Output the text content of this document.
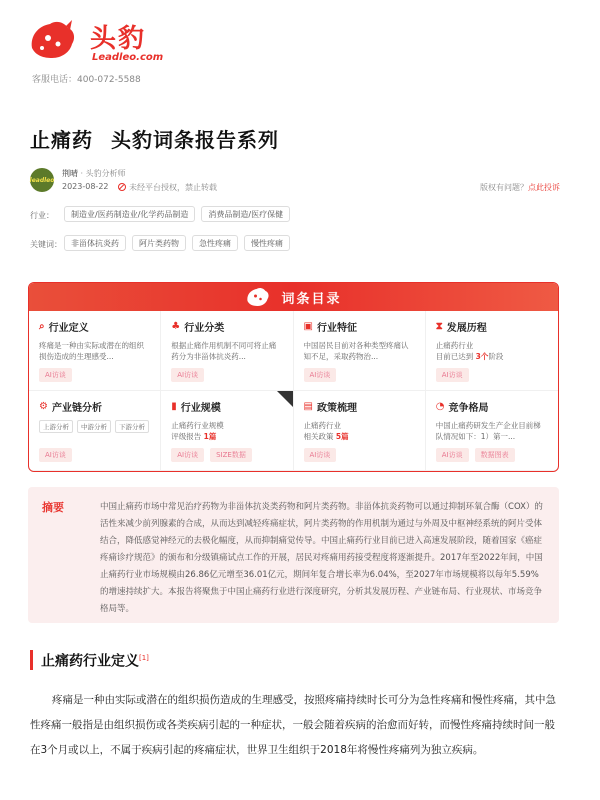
头豹
Leadleo.com
客服电话：400-072-5588
止痛药 头豹词条报告系列
leadleo
荆晴 · 头豹分析师
2023-08-22	未经平台授权，禁止转载	版权有问题？点此投诉
行业：	制造业/医药制造业/化学药品制造	消费品制造/医疗保健
关键词：	非甾体抗炎药	阿片类药物	急性疼痛	慢性疼痛
词条目录
⌕ 行业定义

疼痛是一种由实际或潜在的组织损伤造成的生理感受...

AI访谈
♣ 行业分类

根据止痛作用机制不同可将止痛药分为非甾体抗炎药...

AI访谈
▣ 行业特征

中国居民目前对各种类型疼痛认知不足，采取药物治...

AI访谈
⧗ 发展历程

止痛药行业
目前已达到 3个阶段

AI访谈
⚙ 产业链分析
上游分析	中游分析	下游分析
AI访谈
▮ 行业规模

止痛药行业规模
评级报告 1篇

AI访谈	SIZE数据
▤ 政策梳理

止痛药行业
相关政策 5篇

AI访谈
◔ 竞争格局

中国止痛药研发生产企业目前梯队情况如下：1）第一...

AI访谈	数据图表
摘要	中国止痛药市场中常见治疗药物为非甾体抗炎类药物和阿片类药物。非甾体抗炎药物可以通过抑制环氧合酶（COX）的活性来减少前列腺素的合成，从而达到减轻疼痛症状，阿片类药物的作用机制为通过与外周及中枢神经系统的阿片受体结合，降低感觉神经元的去极化幅度，从而抑制痛觉传导。中国止痛药行业目前已进入高速发展阶段，随着国家《癌症疼痛诊疗规范》的颁布和分级镇痛试点工作的开展，居民对疼痛用药接受程度将逐渐提升。2017年至2022年间，中国止痛药行业市场规模由26.86亿元增至36.01亿元，期间年复合增长率为6.04%，至2027年市场规模将以每年5.59%的增速持续扩大。本报告将聚焦于中国止痛药行业进行深度研究，分析其发展历程、产业链布局、行业现状、市场竞争格局等。
止痛药行业定义[1]
疼痛是一种由实际或潜在的组织损伤造成的生理感受，按照疼痛持续时长可分为急性疼痛和慢性疼痛，其中急性疼痛一般指是由组织损伤或各类疾病引起的一种症状，一般会随着疾病的治愈而好转，而慢性疼痛持续时间一般在3个月或以上，不属于疾病引起的疼痛症状，世界卫生组织于2018年将慢性疼痛列为独立疾病。
